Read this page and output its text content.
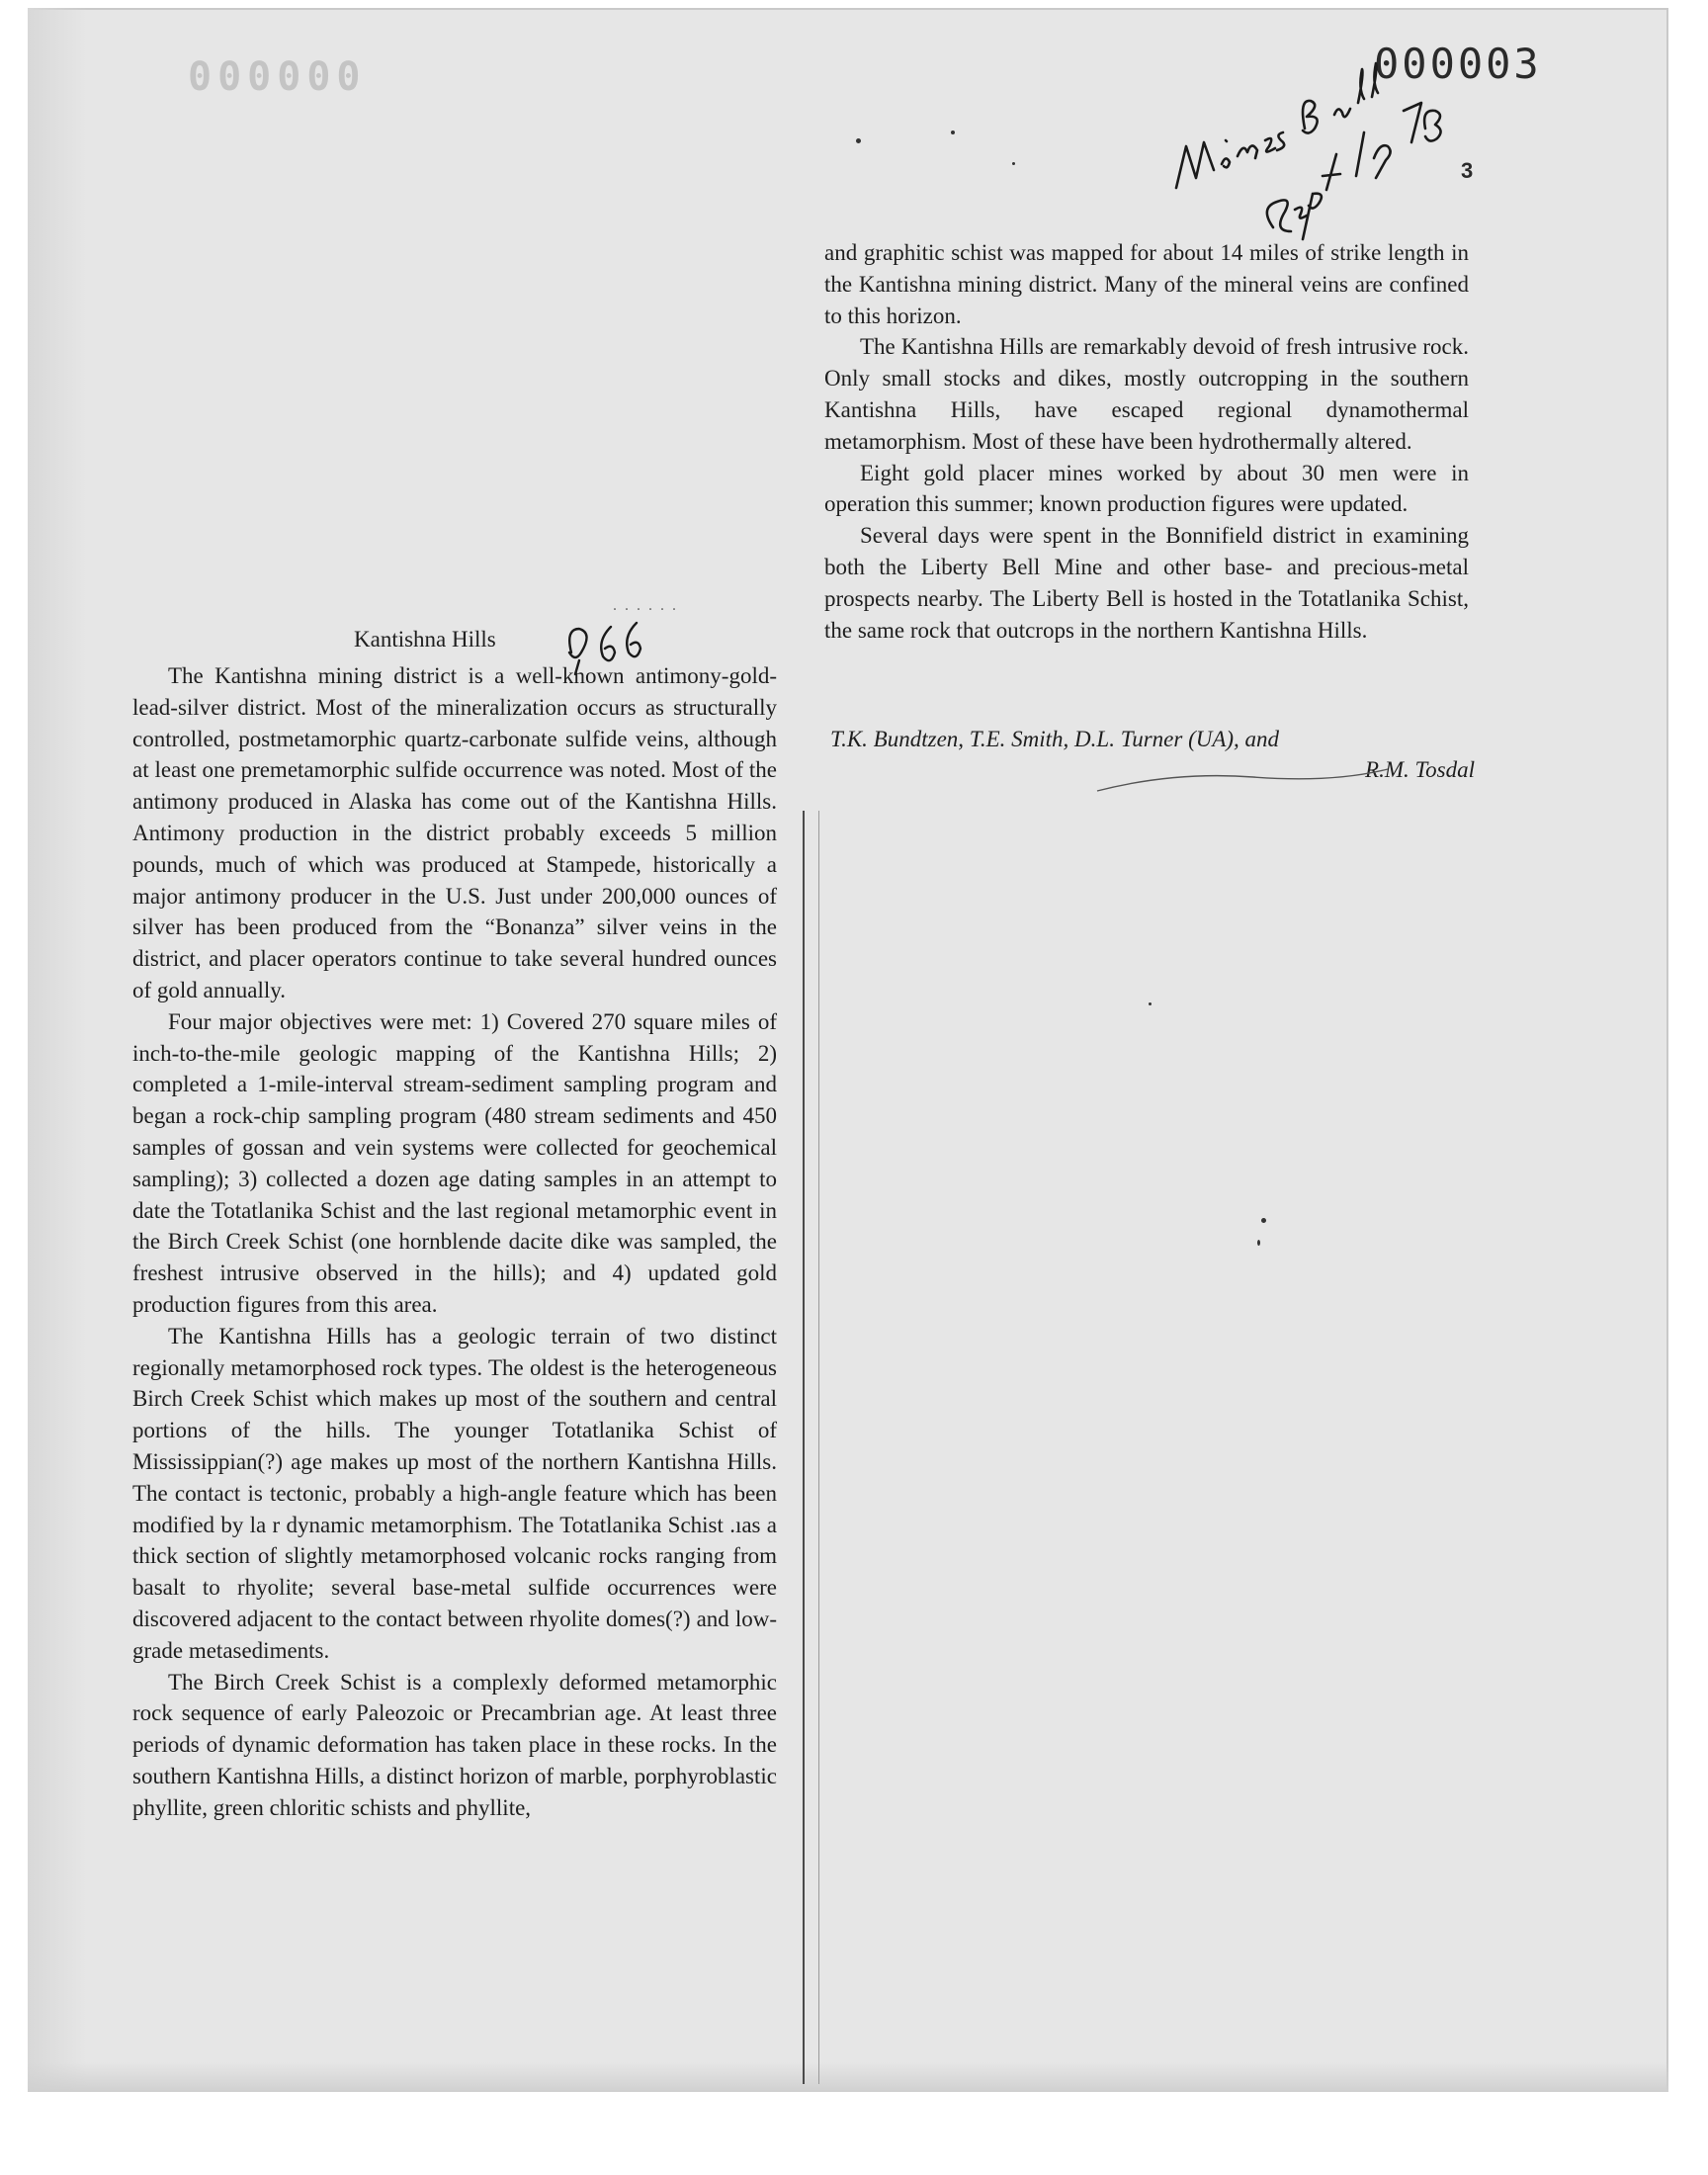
000000	000003
3
. . . . . .
Kantishna Hills

The Kantishna mining district is a well-known antimony-gold-lead-silver district. Most of the mineralization occurs as structurally controlled, postmetamorphic quartz-carbonate sulfide veins, although at least one premetamorphic sulfide occurrence was noted. Most of the antimony produced in Alaska has come out of the Kantishna Hills. Antimony production in the district probably exceeds 5 million pounds, much of which was produced at Stampede, historically a major antimony producer in the U.S. Just under 200,000 ounces of silver has been produced from the “Bonanza” silver veins in the district, and placer operators continue to take several hundred ounces of gold annually.

Four major objectives were met: 1) Covered 270 square miles of inch-to-the-mile geologic mapping of the Kantishna Hills; 2) completed a 1-mile-interval stream-sediment sampling program and began a rock-chip sampling program (480 stream sediments and 450 samples of gossan and vein systems were collected for geochemical sampling); 3) collected a dozen age dating samples in an attempt to date the Totatlanika Schist and the last regional metamorphic event in the Birch Creek Schist (one hornblende dacite dike was sampled, the freshest intrusive observed in the hills); and 4) updated gold production figures from this area.

The Kantishna Hills has a geologic terrain of two distinct regionally metamorphosed rock types. The oldest is the heterogeneous Birch Creek Schist which makes up most of the southern and central portions of the hills. The younger Totatlanika Schist of Mississippian(?) age makes up most of the northern Kantishna Hills. The contact is tectonic, probably a high-angle feature which has been modified by lа r dynamic metamorphism. The Totatlanika Schist .ıas a thick section of slightly metamorphosed volcanic rocks ranging from basalt to rhyolite; several base-metal sulfide occurrences were discovered adjacent to the contact between rhyolite domes(?) and low-grade metasediments.

The Birch Creek Schist is a complexly deformed metamorphic rock sequence of early Paleozoic or Precambrian age. At least three periods of dynamic deformation has taken place in these rocks. In the southern Kantishna Hills, a distinct horizon of marble, porphyroblastic phyllite, green chloritic schists and phyllite,

and graphitic schist was mapped for about 14 miles of strike length in the Kantishna mining district. Many of the mineral veins are confined to this horizon.

The Kantishna Hills are remarkably devoid of fresh intrusive rock. Only small stocks and dikes, mostly outcropping in the southern Kantishna Hills, have escaped regional dynamothermal metamorphism. Most of these have been hydrothermally altered.

Eight gold placer mines worked by about 30 men were in operation this summer; known production figures were updated.

Several days were spent in the Bonnifield district in examining both the Liberty Bell Mine and other base- and precious-metal prospects nearby. The Liberty Bell is hosted in the Totatlanika Schist, the same rock that outcrops in the northern Kantishna Hills.

T.K. Bundtzen, T.E. Smith, D.L. Turner (UA), and
R.M. Tosdal
